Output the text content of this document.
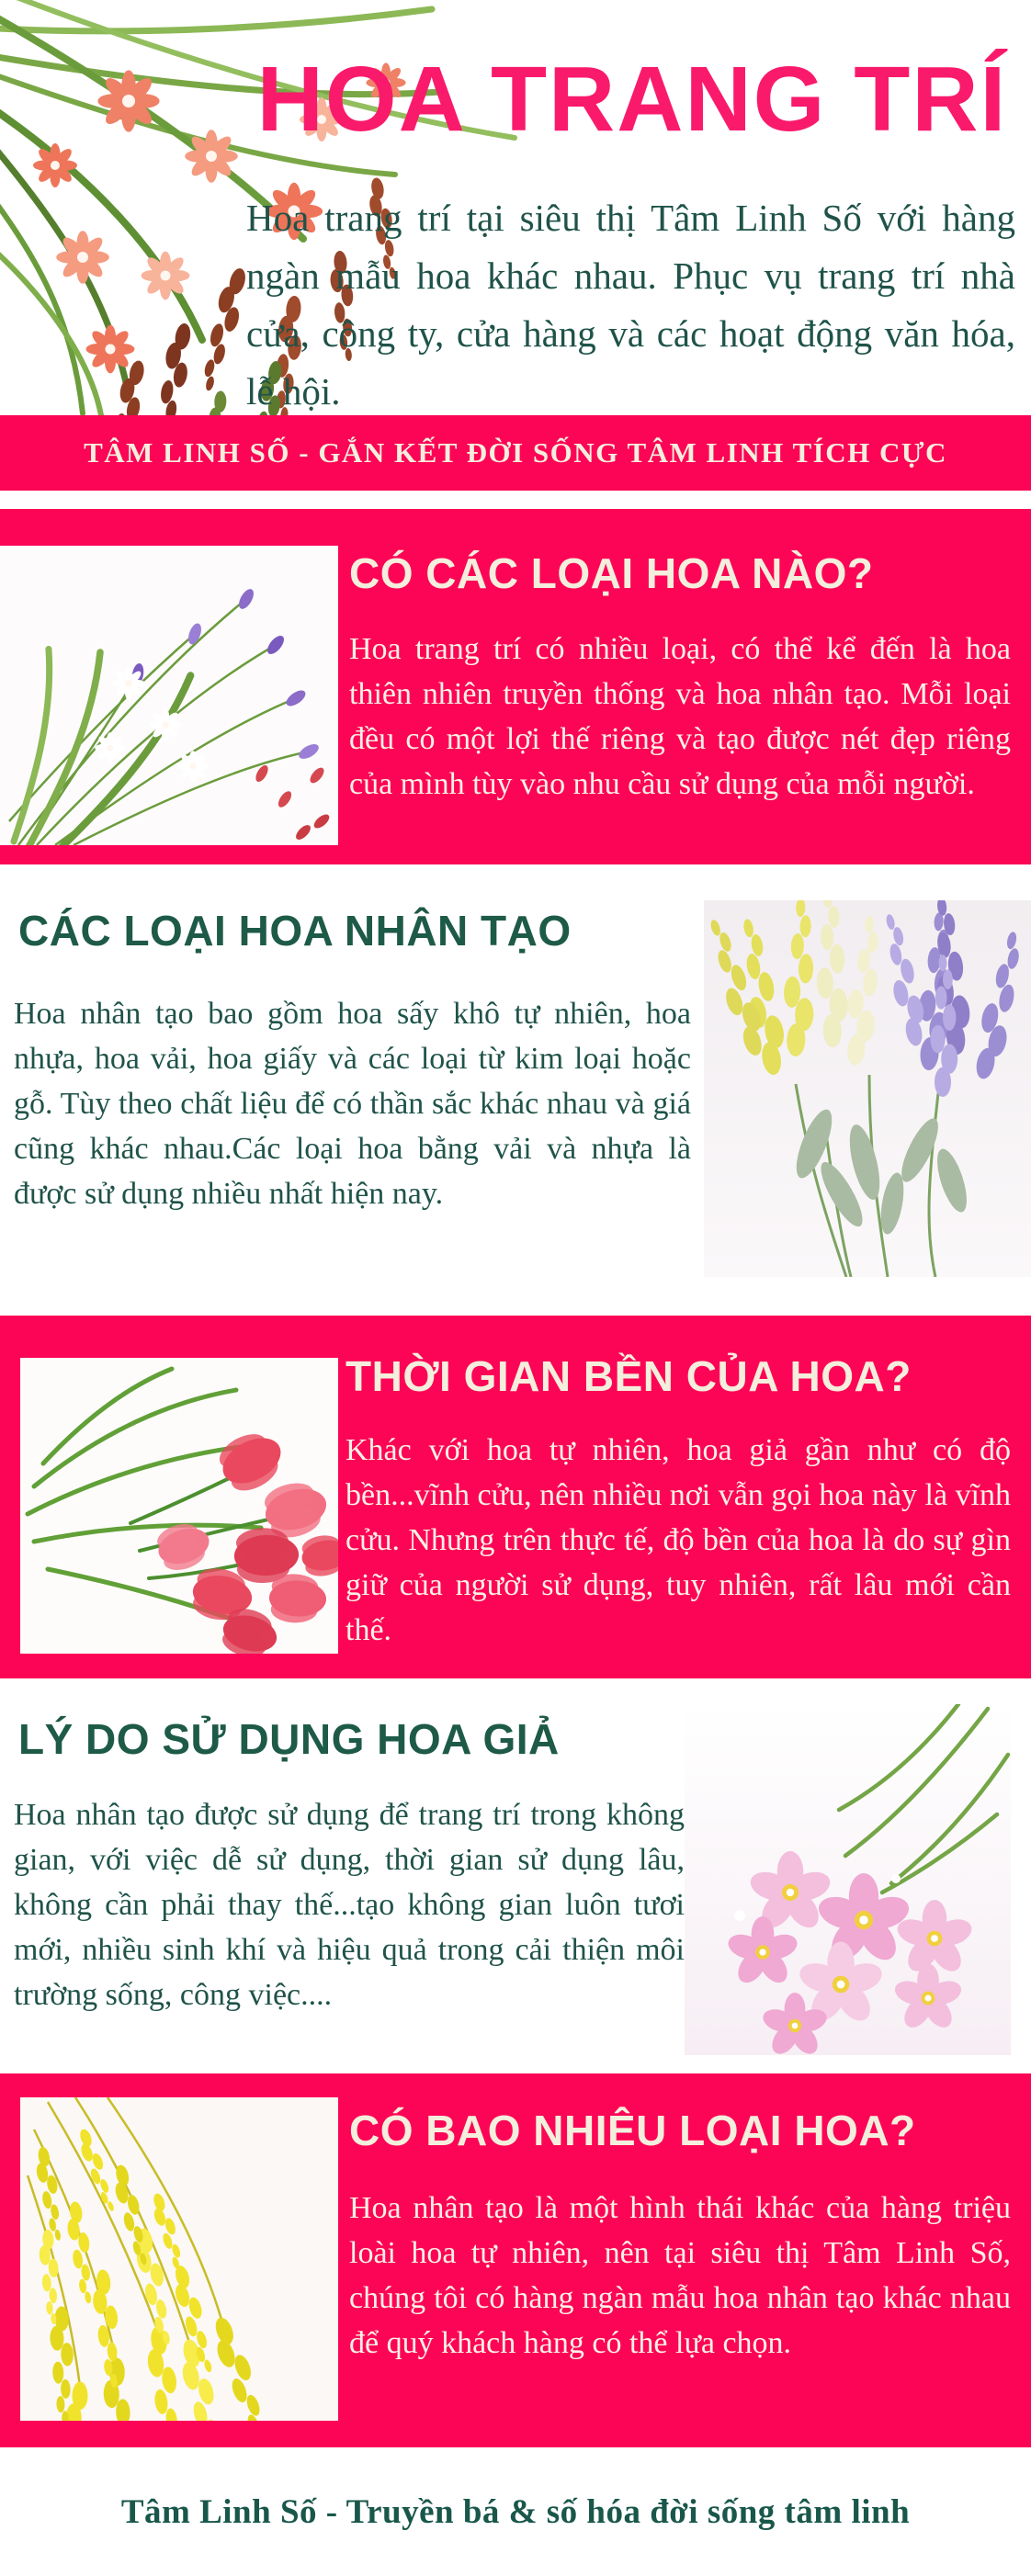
HOA TRANG TRÍ

Hoa trang trí tại siêu thị Tâm Linh Số với hàng ngàn mẫu hoa khác nhau. Phục vụ trang trí nhà cửa, công ty, cửa hàng và các hoạt động văn hóa, lễ hội.

TÂM LINH SỐ - GẮN KẾT ĐỜI SỐNG TÂM LINH TÍCH CỰC
CÓ CÁC LOẠI HOA NÀO?

Hoa trang trí có nhiều loại, có thể kể đến là hoa thiên nhiên truyền thống và hoa nhân tạo. Mỗi loại đều có một lợi thế riêng và tạo được nét đẹp riêng của mình tùy vào nhu cầu sử dụng của mỗi người.

CÁC LOẠI HOA NHÂN TẠO

Hoa nhân tạo bao gồm hoa sấy khô tự nhiên, hoa nhựa, hoa vải, hoa giấy và các loại từ kim loại hoặc gỗ. Tùy theo chất liệu để có thần sắc khác nhau và giá cũng khác nhau.Các loại hoa bằng vải và nhựa là được sử dụng nhiều nhất hiện nay.

THỜI GIAN BỀN CỦA HOA?

Khác với hoa tự nhiên, hoa giả gần như có độ bền...vĩnh cửu, nên nhiều nơi vẫn gọi hoa này là vĩnh cửu. Nhưng trên thực tế, độ bền của hoa là do sự gìn giữ của người sử dụng, tuy nhiên, rất lâu mới cần thế.

LÝ DO SỬ DỤNG HOA GIẢ

Hoa nhân tạo được sử dụng để trang trí trong không gian, với việc dễ sử dụng, thời gian sử dụng lâu, không cần phải thay thế...tạo không gian luôn tươi mới, nhiều sinh khí và hiệu quả trong cải thiện môi trường sống, công việc....

CÓ BAO NHIÊU LOẠI HOA?

Hoa nhân tạo là một hình thái khác của hàng triệu loài hoa tự nhiên, nên tại siêu thị Tâm Linh Số, chúng tôi có hàng ngàn mẫu hoa nhân tạo khác nhau để quý khách hàng có thể lựa chọn.

Tâm Linh Số - Truyền bá & số hóa đời sống tâm linh
